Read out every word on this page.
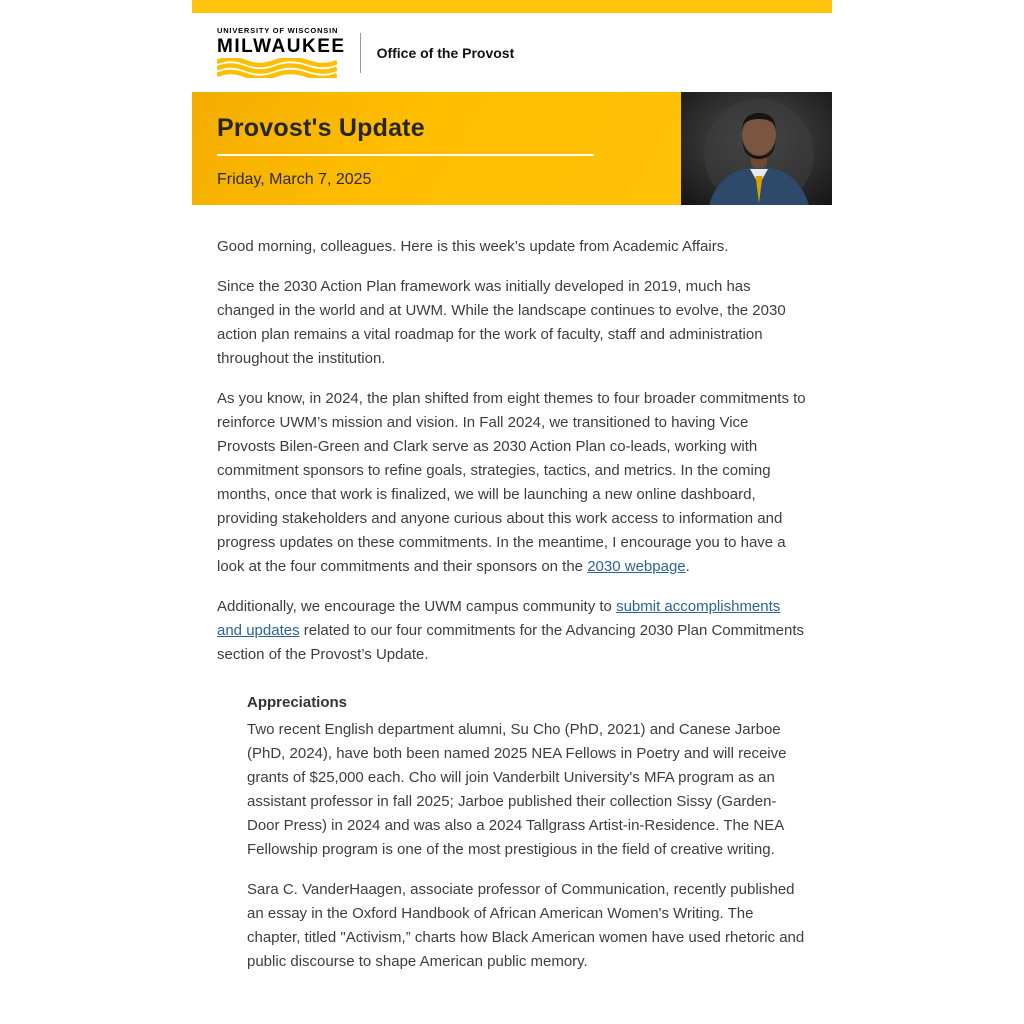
UNIVERSITY OF WISCONSIN
MILWAUKEE Office of the Provost
Provost's Update
Friday, March 7, 2025

Good morning, colleagues. Here is this week’s update from Academic Affairs.

Since the 2030 Action Plan framework was initially developed in 2019, much has changed in the world and at UWM. While the landscape continues to evolve, the 2030 action plan remains a vital roadmap for the work of faculty, staff and administration throughout the institution.

As you know, in 2024, the plan shifted from eight themes to four broader commitments to reinforce UWM’s mission and vision. In Fall 2024, we transitioned to having Vice Provosts Bilen-Green and Clark serve as 2030 Action Plan co-leads, working with commitment sponsors to refine goals, strategies, tactics, and metrics. In the coming months, once that work is finalized, we will be launching a new online dashboard, providing stakeholders and anyone curious about this work access to information and progress updates on these commitments. In the meantime, I encourage you to have a look at the four commitments and their sponsors on the 2030 webpage.

Additionally, we encourage the UWM campus community to submit accomplishments and updates related to our four commitments for the Advancing 2030 Plan Commitments section of the Provost’s Update.

Appreciations

Two recent English department alumni, Su Cho (PhD, 2021) and Canese Jarboe (PhD, 2024), have both been named 2025 NEA Fellows in Poetry and will receive grants of $25,000 each. Cho will join Vanderbilt University's MFA program as an assistant professor in fall 2025; Jarboe published their collection Sissy (Garden-Door Press) in 2024 and was also a 2024 Tallgrass Artist-in-Residence. The NEA Fellowship program is one of the most prestigious in the field of creative writing.

Sara C. VanderHaagen, associate professor of Communication, recently published an essay in the Oxford Handbook of African American Women's Writing. The chapter, titled "Activism,” charts how Black American women have used rhetoric and public discourse to shape American public memory.
